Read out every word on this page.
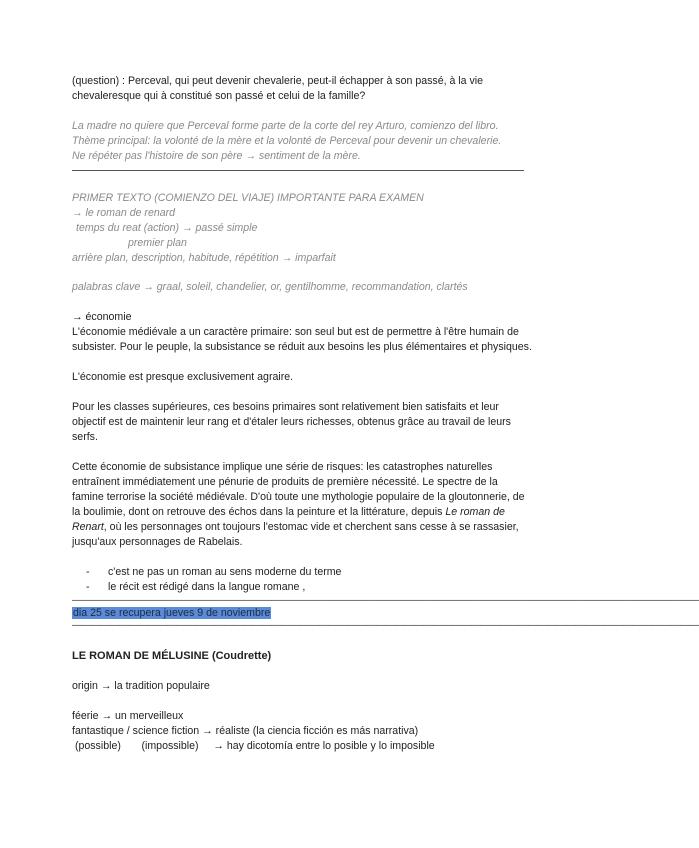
(question) : Perceval, qui peut devenir chevalerie, peut-il échapper à son passé, à la vie

chevaleresque qui à constitué son passé et celui de la famille?

La madre no quiere que Perceval forme parte de la corte del rey Arturo, comienzo del libro.

Thème principal: la volonté de la mère et la volonté de Perceval pour devenir un chevalerie.

Ne répéter pas l'histoire de son père → sentiment de la mère.

PRIMER TEXTO (COMIENZO DEL VIAJE) IMPORTANTE PARA EXAMEN

→ le roman de renard

temps du reat (action) → passé simple

premier plan

arrière plan, description, habitude, répétition → imparfait

palabras clave → graal, soleil, chandelier, or, gentilhomme, recommandation, clartés

→ économie

L'économie médiévale a un caractère primaire: son seul but est de permettre à l'être humain de subsister. Pour le peuple, la subsistance se réduit aux besoins les plus élémentaires et physiques.

L'économie est presque exclusivement agraire.

Pour les classes supérieures, ces besoins primaires sont relativement bien satisfaits et leur objectif est de maintenir leur rang et d'étaler leurs richesses, obtenus grâce au travail de leurs serfs.

Cette économie de subsistance implique une série de risques: les catastrophes naturelles entraînent immédiatement une pénurie de produits de première nécessité. Le spectre de la famine terrorise la société médiévale. D'où toute une mythologie populaire de la gloutonnerie, de la boulimie, dont on retrouve des échos dans la peinture et la littérature, depuis Le roman de Renart, où les personnages ont toujours l'estomac vide et cherchent sans cesse à se rassasier, jusqu'aux personnages de Rabelais.

- c'est ne pas un roman au sens moderne du terme
- le récit est rédigé dans la langue romane ,
——————————————————————————————————————————————————————————————————

dia 25 se recupera jueves 9 de noviembre

——————————————————————————————————————————————————————————————————

LE ROMAN DE MÉLUSINE (Coudrette)

origin → la tradition populaire

féerie → un merveilleux

fantastique / science fiction → réaliste (la ciencia ficción es más narrativa)

(possible)       (impossible)     → hay dicotomía entre lo posible y lo imposible
